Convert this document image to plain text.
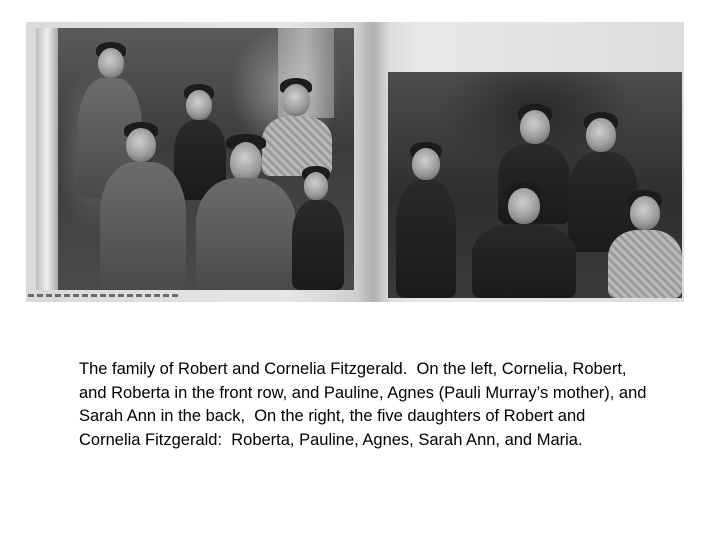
The family of Robert and Cornelia Fitzgerald.  On the left, Cornelia, Robert, and Roberta in the front row, and Pauline, Agnes (Pauli Murray’s mother), and Sarah Ann in the back,  On the right, the five daughters of Robert and Cornelia Fitzgerald:  Roberta, Pauline, Agnes, Sarah Ann, and Maria.
